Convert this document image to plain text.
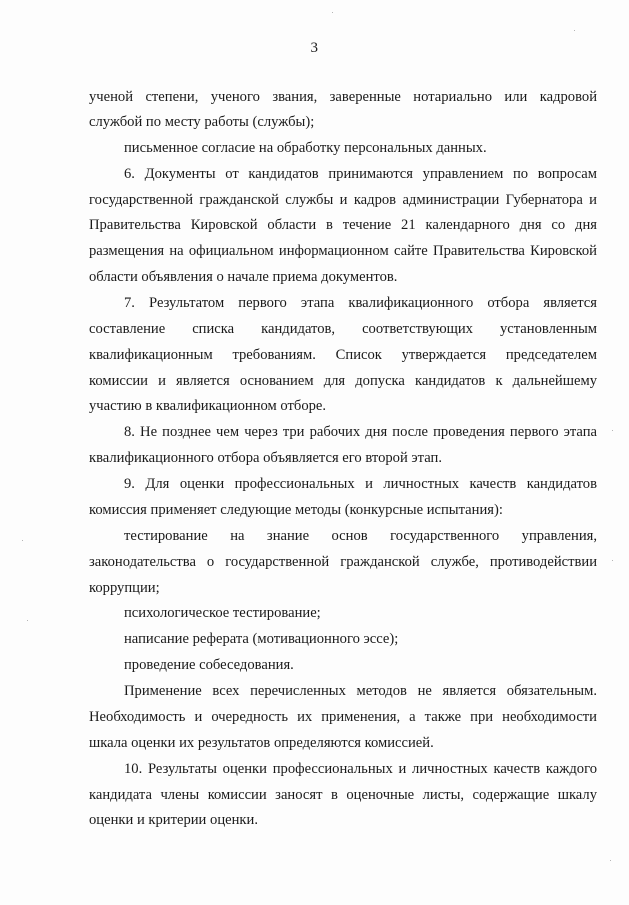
3
ученой степени, ученого звания, заверенные нотариально или кадровой
службой по месту работы (службы);
письменное согласие на обработку персональных данных.
6. Документы от кандидатов принимаются управлением по вопросам
государственной гражданской службы и кадров администрации Губернатора и
Правительства Кировской области в течение 21 календарного дня со дня
размещения на официальном информационном сайте Правительства Кировской
области объявления о начале приема документов.
7. Результатом первого этапа квалификационного отбора является
составление списка кандидатов, соответствующих установленным
квалификационным требованиям. Список утверждается председателем
комиссии и является основанием для допуска кандидатов к дальнейшему
участию в квалификационном отборе.
8. Не позднее чем через три рабочих дня после проведения первого этапа
квалификационного отбора объявляется его второй этап.
9. Для оценки профессиональных и личностных качеств кандидатов
комиссия применяет следующие методы (конкурсные испытания):
тестирование на знание основ государственного управления,
законодательства о государственной гражданской службе, противодействии
коррупции;
психологическое тестирование;
написание реферата (мотивационного эссе);
проведение собеседования.
Применение всех перечисленных методов не является обязательным.
Необходимость и очередность их применения, а также при необходимости
шкала оценки их результатов определяются комиссией.
10. Результаты оценки профессиональных и личностных качеств каждого
кандидата члены комиссии заносят в оценочные листы, содержащие шкалу
оценки и критерии оценки.
